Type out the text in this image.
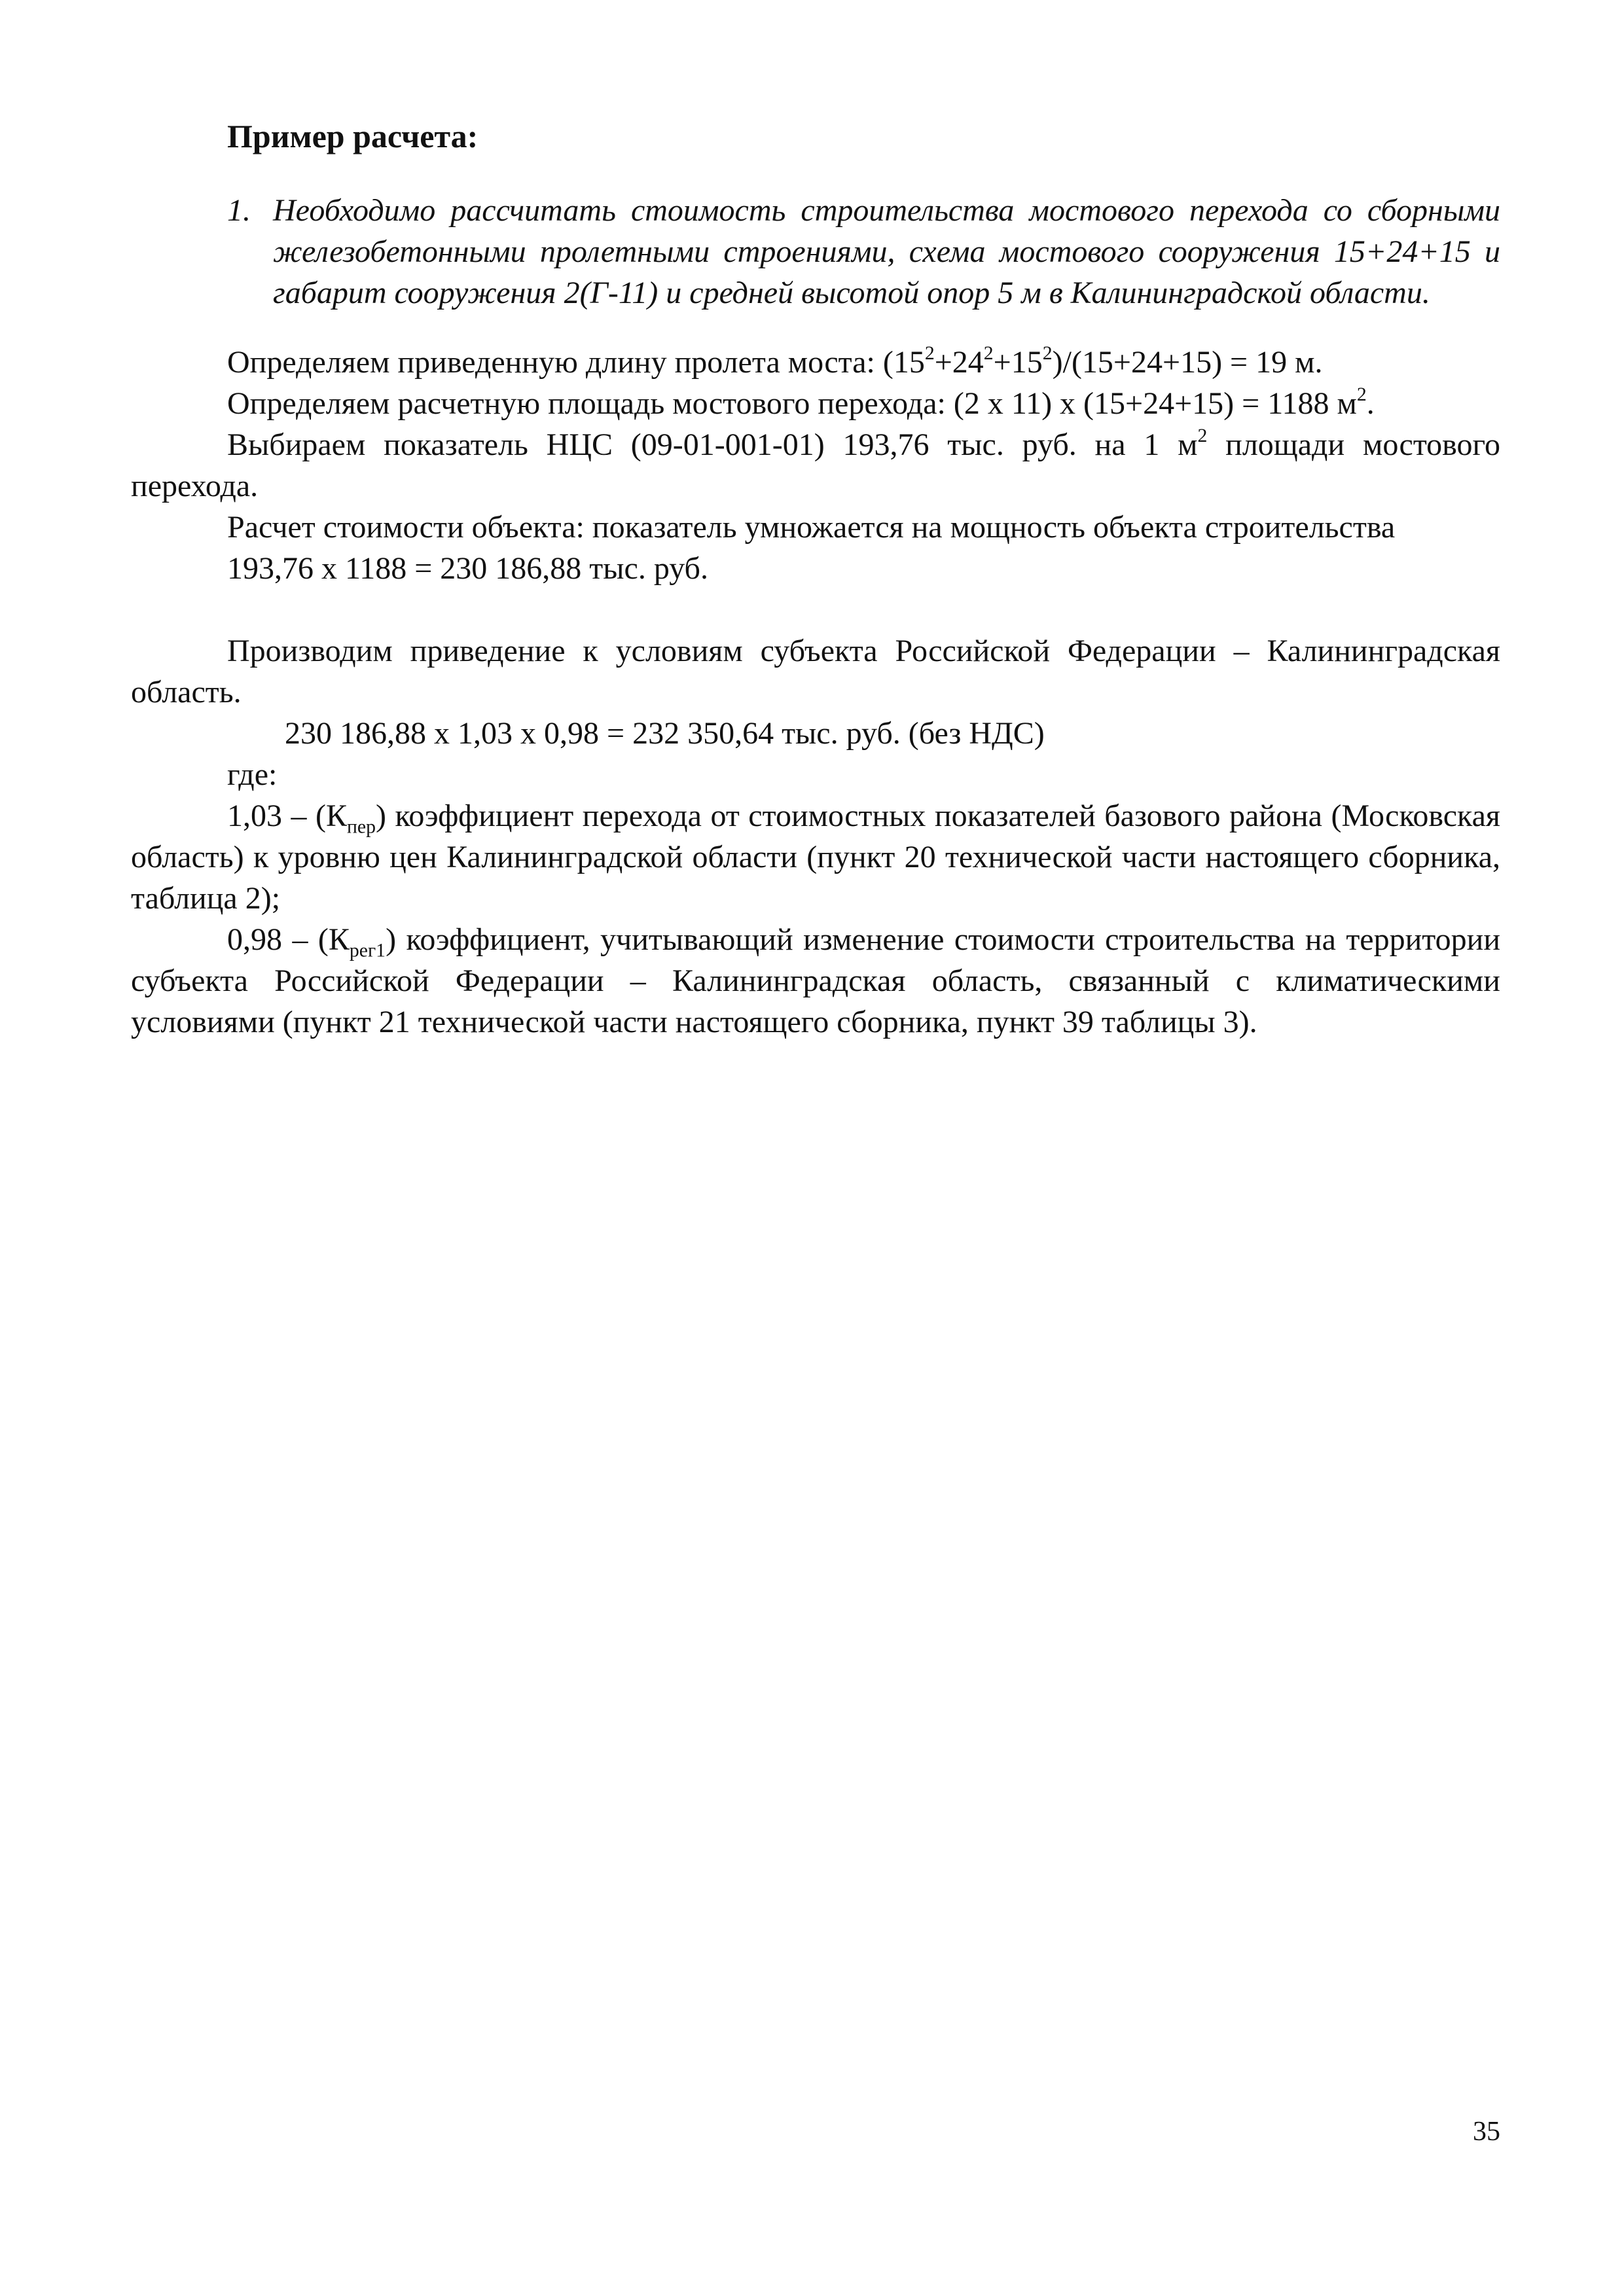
Пример расчета:
1. Необходимо рассчитать стоимость строительства мостового перехода со сборными железобетонными пролетными строениями, схема мостового сооружения 15+24+15 и габарит сооружения 2(Г-11) и средней высотой опор 5 м в Калининградской области.

Определяем приведенную длину пролета моста: $(15^2+24^2+15^2)/(15+24+15) = 19$ м.

Определяем расчетную площадь мостового перехода: (2 х 11) х (15+24+15) = 1188 $м^2$.

Выбираем показатель НЦС (09-01-001-01) 193,76 тыс. руб. на 1 $м^2$ площади мостового перехода.

Расчет стоимости объекта: показатель умножается на мощность объекта строительства

193,76 х 1188 = 230 186,88 тыс. руб.

Производим приведение к условиям субъекта Российской Федерации – Калининградская область.

230 186,88 х 1,03 х 0,98 = 232 350,64 тыс. руб. (без НДС)

где:

$1,03 - (К_{пер})$ коэффициент перехода от стоимостных показателей базового района (Московская область) к уровню цен Калининградской области (пункт 20 технической части настоящего сборника, таблица 2);

$0,98 - (К_{рег1})$ коэффициент, учитывающий изменение стоимости строительства на территории субъекта Российской Федерации – Калининградская область, связанный с климатическими условиями (пункт 21 технической части настоящего сборника, пункт 39 таблицы 3).

35
